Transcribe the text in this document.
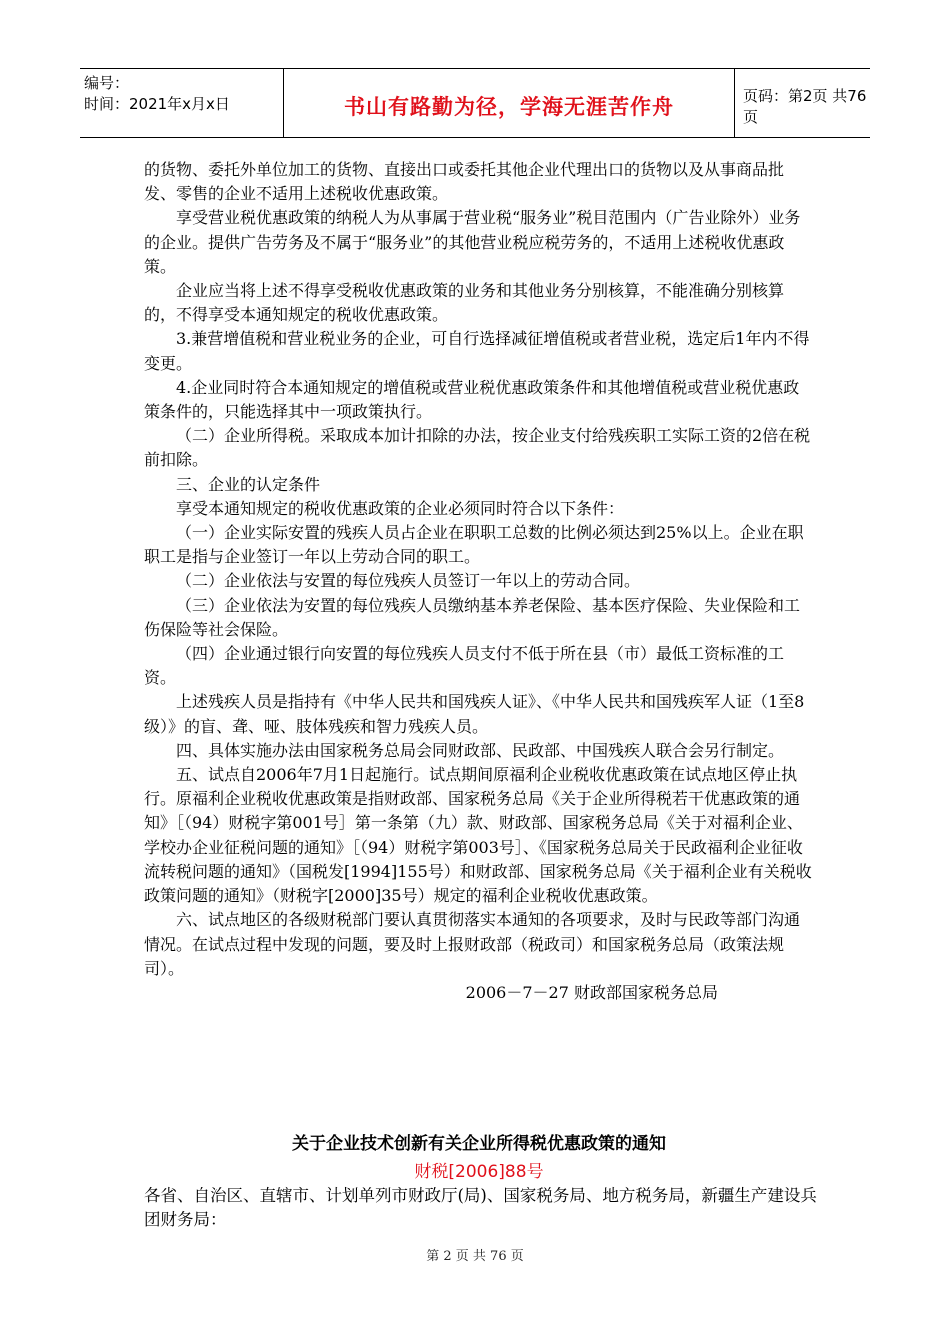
编号：
时间：2021年x月x日	书山有路勤为径，学海无涯苦作舟	页码：第2页 共76页

的货物、委托外单位加工的货物、直接出口或委托其他企业代理出口的货物以及从事商品批发、零售的企业不适用上述税收优惠政策。

享受营业税优惠政策的纳税人为从事属于营业税“服务业”税目范围内（广告业除外）业务的企业。提供广告劳务及不属于“服务业”的其他营业税应税劳务的，不适用上述税收优惠政策。

企业应当将上述不得享受税收优惠政策的业务和其他业务分别核算，不能准确分别核算的，不得享受本通知规定的税收优惠政策。

3.兼营增值税和营业税业务的企业，可自行选择减征增值税或者营业税，选定后1年内不得变更。

4.企业同时符合本通知规定的增值税或营业税优惠政策条件和其他增值税或营业税优惠政策条件的，只能选择其中一项政策执行。

（二）企业所得税。采取成本加计扣除的办法，按企业支付给残疾职工实际工资的2倍在税前扣除。

三、企业的认定条件

享受本通知规定的税收优惠政策的企业必须同时符合以下条件：

（一）企业实际安置的残疾人员占企业在职职工总数的比例必须达到25%以上。企业在职职工是指与企业签订一年以上劳动合同的职工。

（二）企业依法与安置的每位残疾人员签订一年以上的劳动合同。

（三）企业依法为安置的每位残疾人员缴纳基本养老保险、基本医疗保险、失业保险和工伤保险等社会保险。

（四）企业通过银行向安置的每位残疾人员支付不低于所在县（市）最低工资标准的工资。

上述残疾人员是指持有《中华人民共和国残疾人证》、《中华人民共和国残疾军人证（1至8级）》的盲、聋、哑、肢体残疾和智力残疾人员。

四、具体实施办法由国家税务总局会同财政部、民政部、中国残疾人联合会另行制定。

五、试点自2006年7月1日起施行。试点期间原福利企业税收优惠政策在试点地区停止执行。原福利企业税收优惠政策是指财政部、国家税务总局《关于企业所得税若干优惠政策的通知》［（94）财税字第001号］第一条第（九）款、财政部、国家税务总局《关于对福利企业、学校办企业征税问题的通知》［（94）财税字第003号］、《国家税务总局关于民政福利企业征收流转税问题的通知》（国税发[1994]155号）和财政部、国家税务总局《关于福利企业有关税收政策问题的通知》（财税字[2000]35号）规定的福利企业税收优惠政策。

六、试点地区的各级财税部门要认真贯彻落实本通知的各项要求，及时与民政等部门沟通情况。在试点过程中发现的问题，要及时上报财政部（税政司）和国家税务总局（政策法规司）。

2006－7－27 财政部国家税务总局

关于企业技术创新有关企业所得税优惠政策的通知
财税[2006]88号

各省、自治区、直辖市、计划单列市财政厅(局)、国家税务局、地方税务局，新疆生产建设兵团财务局：

第 2 页 共 76 页
